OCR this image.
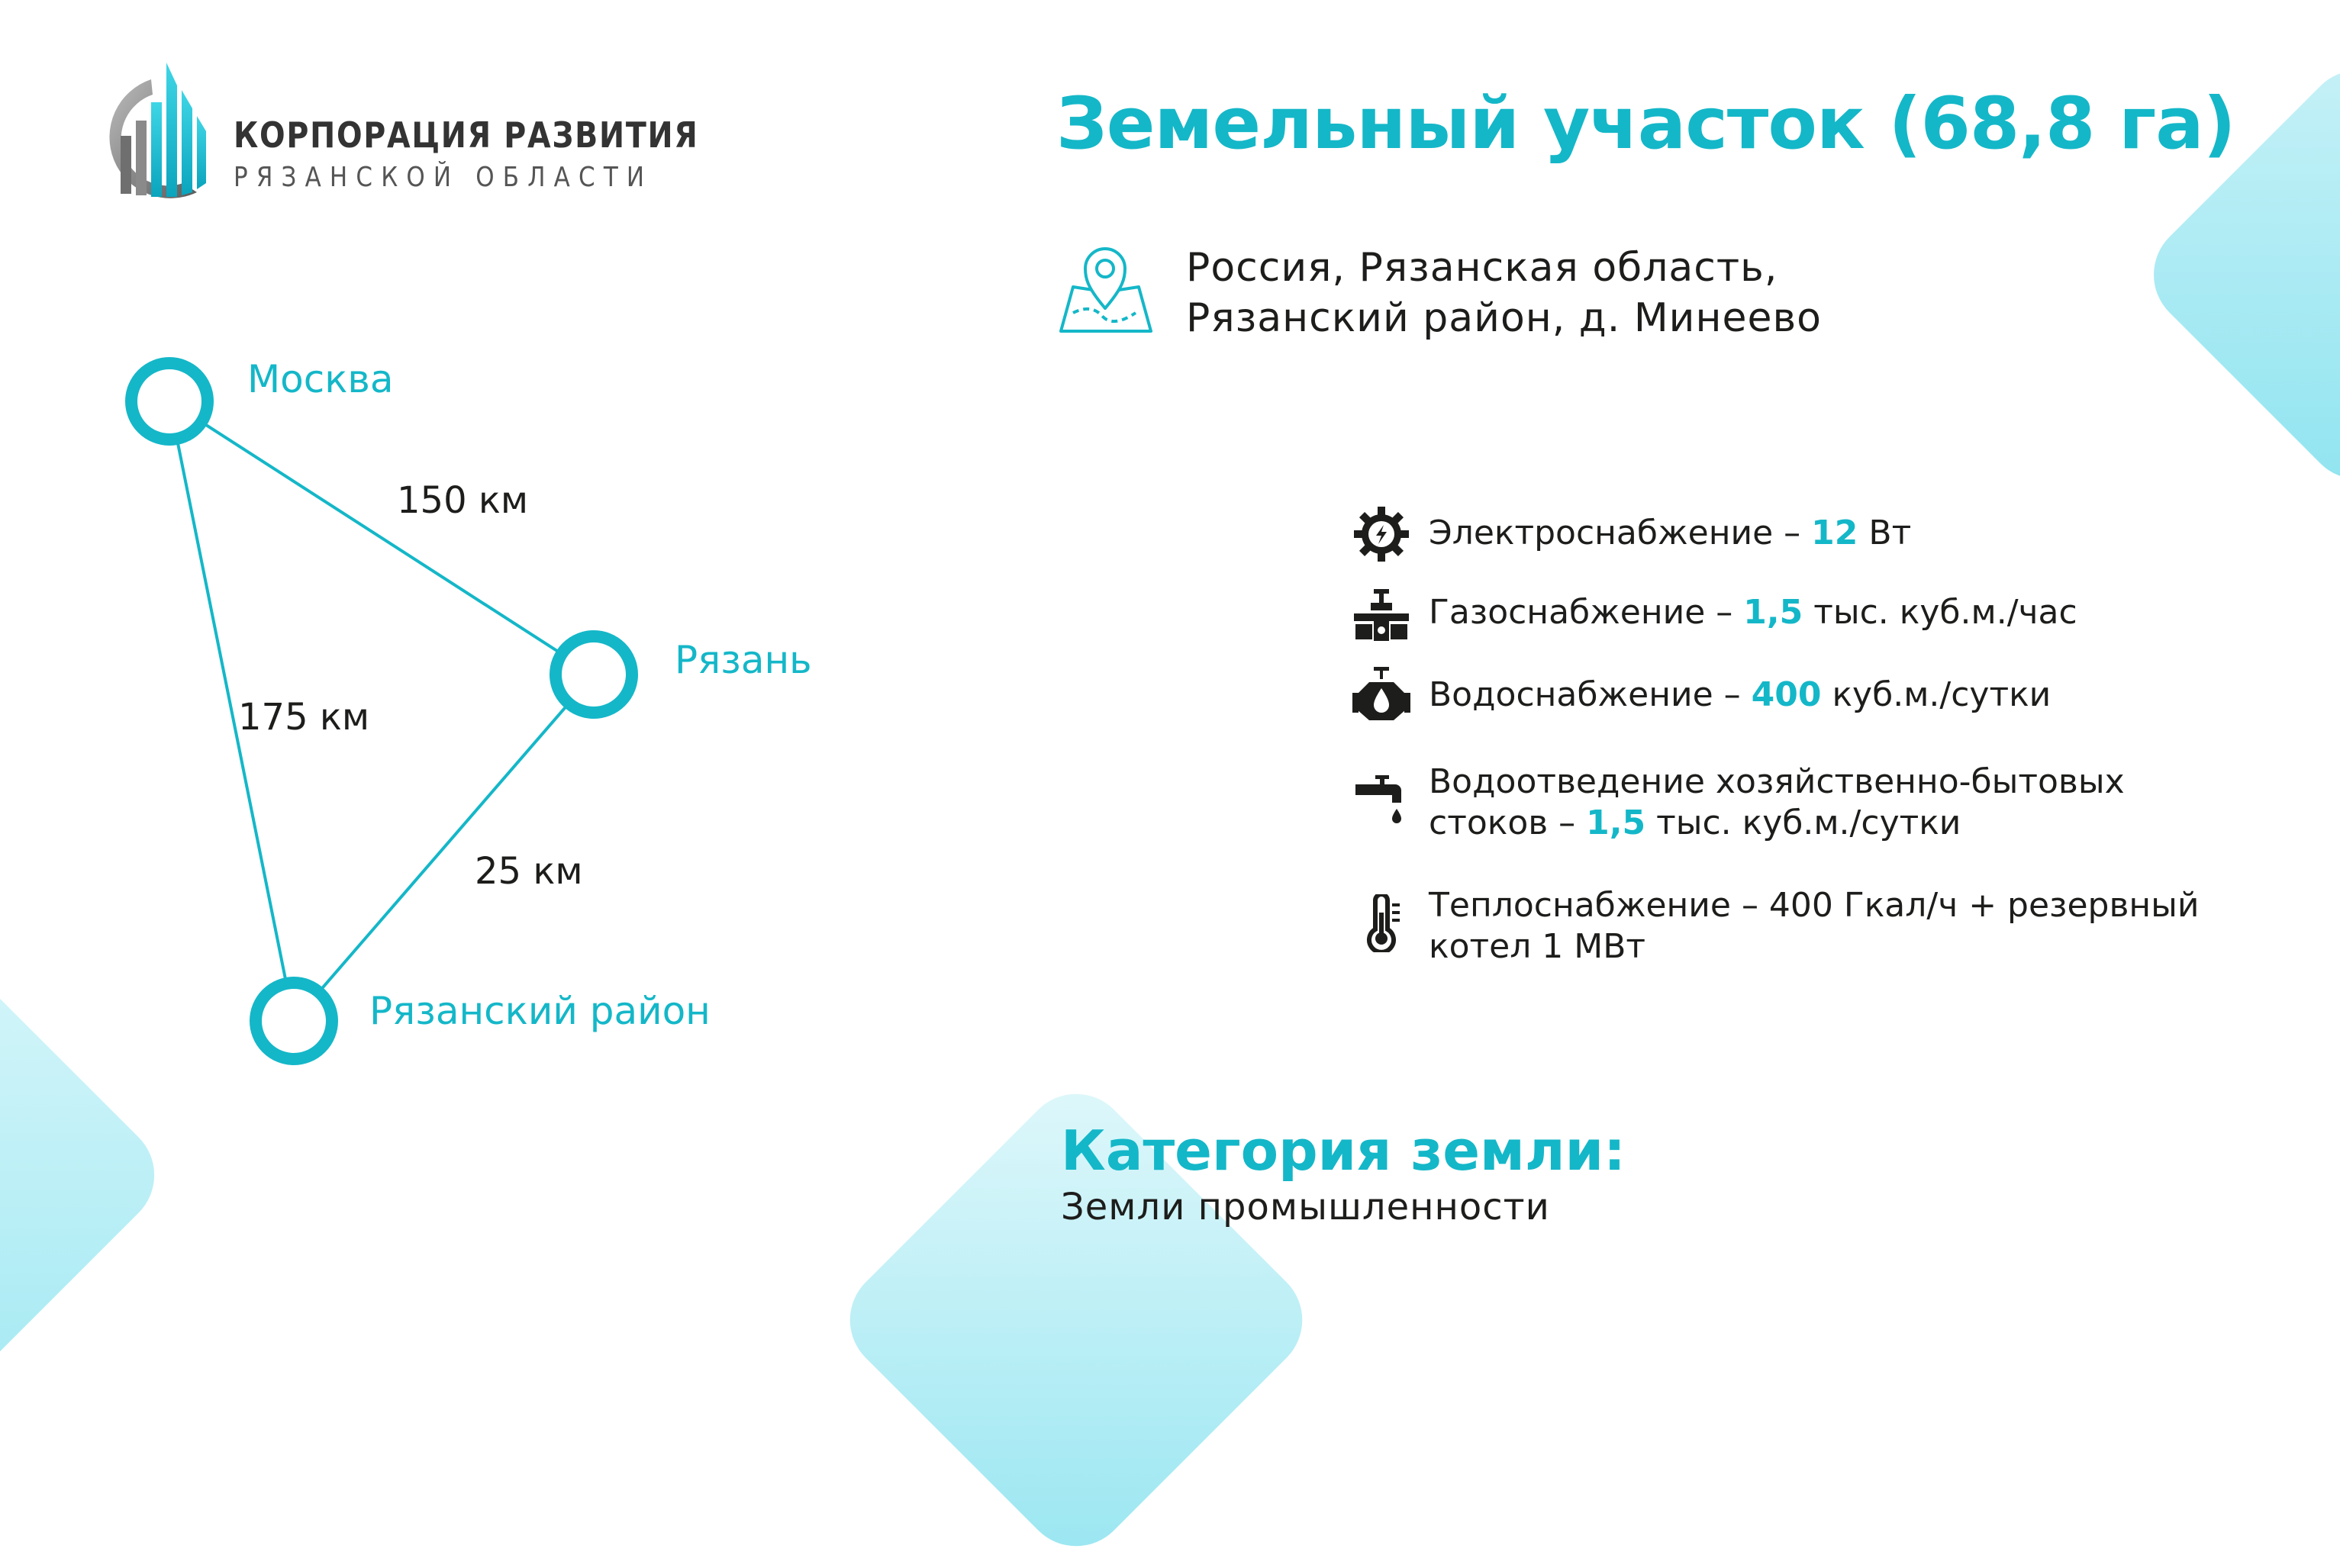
КОРПОРАЦИЯ РАЗВИТИЯ
РЯЗАНСКОЙ ОБЛАСТИ
Земельный участок (68,8 га)
Россия, Рязанская область,
Рязанский район, д. Минеево
Москва
Рязань
Рязанский район
150 км
175 км
25 км
Электроснабжение – 12 Вт
Газоснабжение – 1,5 тыс. куб.м./час
Водоснабжение – 400 куб.м./сутки
Водоотведение хозяйственно-бытовых
стоков – 1,5 тыс. куб.м./сутки
Теплоснабжение – 400 Гкал/ч + резервный
котел 1 МВт
Категория земли:
Земли промышленности
